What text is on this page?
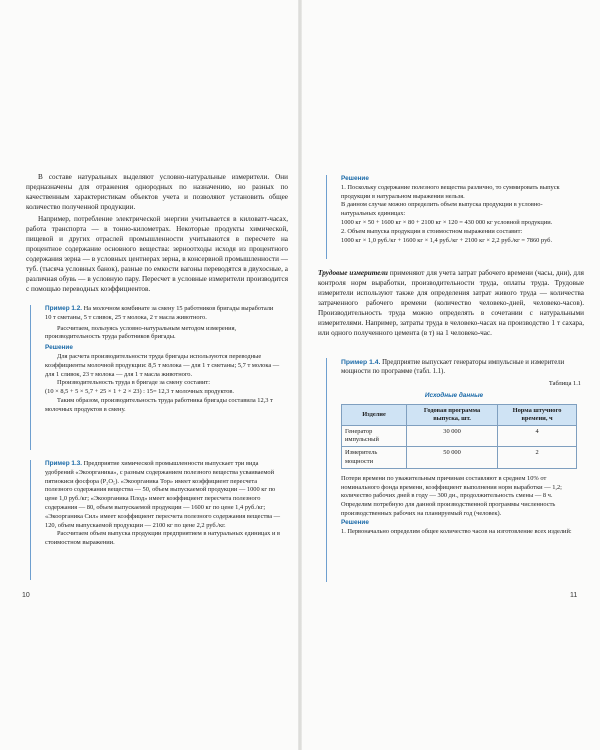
В составе натуральных выделяют условно-натуральные измерители. Они предназначены для отражения однородных по назначению, но разных по качественным характеристикам объектов учета и позволяют установить общее количество полученной продукции.

Например, потребление электрической энергии учитывается в киловатт-часах, работа транспорта — в тонно-километрах. Некоторые продукты химической, пищевой и других отраслей промышленности учитываются в пересчете на процентное содержание основного вещества: зерноотходы исходя из процентного содержания зерна — в условных центнерах зерна, в консервной промышленности — туб. (тысяча условных банок), разные по емкости вагоны переводятся в двухосные, а различная обувь — в условную пару. Пересчет в условные измерители производится с помощью переводных коэффициентов.

Пример 1.2. На молочном комбинате за смену 15 работников бригады выработали 10 т сметаны, 5 т сливок, 25 т молока, 2 т масла животного.
Рассчитаем, пользуясь условно-натуральным методом измерения, производительность труда работников бригады.
Решение
Для расчета производительности труда бригады используются переводные коэффициенты молочной продукции: 8,5 т молока — для 1 т сметаны; 5,7 т молока — для 1 сливок, 23 т молока — для 1 т масла животного.
Производительность труда в бригаде за смену составит:
(10 × 8,5 + 5 × 5,7 + 25 × 1 + 2 × 23) : 15= 12,3 т молочных продуктов.
Таким образом, производительность труда работника бригады составила 12,3 т молочных продуктов в смену.
Пример 1.3. Предприятие химической промышленности выпускает три вида удобрений «Экоорганика», с разным содержанием полезного вещества усваиваемой пятиокиси фосфора (P₂O₅). «Экоорганика Тор» имеет коэффициент пересчета полезного содержания вещества — 50, объем выпускаемой продукции — 1000 кг по цене 1,0 руб./кг; «Экоорганика Плод» имеет коэффициент пересчета полезного содержания — 80, объем выпускаемой продукции — 1600 кг по цене 1,4 руб./кг; «Экоорганика Сил» имеет коэффициент пересчета полезного содержания вещества — 120, объем выпускаемой продукции — 2100 кг по цене 2,2 руб./кг.
Рассчитаем объем выпуска продукции предприятием в натуральных единицах и в стоимостном выражении.
10
Решение
1. Поскольку содержание полезного вещества различно, то суммировать выпуск продукции в натуральном выражении нельзя.
В данном случае можно определить объем выпуска продукции в условно-натуральных единицах:
1000 кг × 50 + 1600 кг × 80 + 2100 кг × 120 = 430 000 кг условной продукции.
2. Объем выпуска продукции в стоимостном выражении составит:
1000 кг × 1,0 руб./кг + 1600 кг × 1,4 руб./кг + 2100 кг × 2,2 руб./кг = 7860 руб.

Трудовые измерители применяют для учета затрат рабочего времени (часы, дни), для контроля норм выработки, производительности труда, оплаты труда. Трудовые измерители используют также для определения затрат живого труда — количества затраченного рабочего времени (количество человеко-дней, человеко-часов). Производительность труда можно определять в сочетании с натуральными измерителями. Например, затраты труда в человеко-часах на производство 1 т сахара, или одного полученного цемента (в т) на 1 человеко-час.

Пример 1.4. Предприятие выпускает генераторы импульсные и измерители мощности по программе (табл. 1.1).
Таблица 1.1
Исходные данные
Изделие	Годовая программа выпуска, шт.	Норма штучного времени, ч
Генератор импульсный	30 000	4
Измеритель мощности	50 000	2
Потери времени по уважительным причинам составляют в среднем 10% от номинального фонда времени, коэффициент выполнения норм выработки — 1,2; количество рабочих дней в году — 300 дн., продолжительность смены — 8 ч.
Определим потребную для данной производственной программы численность производственных рабочих на планируемый год (человек).
Решение
1. Первоначально определим общее количество часов на изготовление всех изделий:
11
